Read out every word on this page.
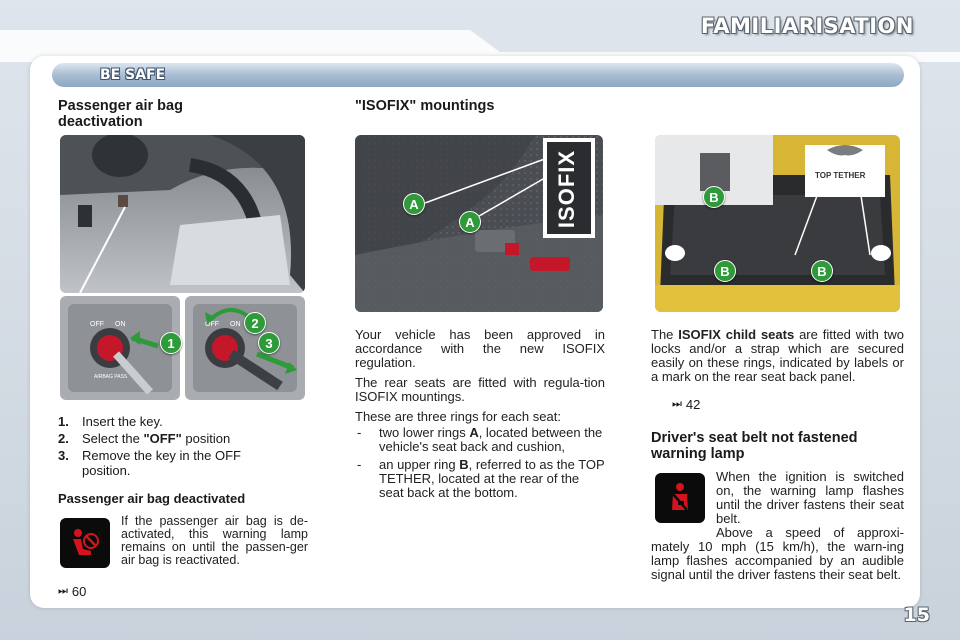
FAMILIARISATION
BE SAFE
Passenger air bag deactivation
OFF ON
AIRBAG PASS
1
OFF ON 2
3
1.	Insert the key.
2.	Select the "OFF" position
3.	Remove the key in the OFF position.
Passenger air bag deactivated
If the passenger air bag is de-activated, this warning lamp remains on until the passen-ger air bag is reactivated.
⏭ 60
"ISOFIX" mountings
ISOFIX
A
A

Your vehicle has been approved in accordance with the new ISOFIX regulation.

The rear seats are fitted with regula-tion ISOFIX mountings.

These are three rings for each seat:

-	two lower rings A, located between the vehicle's seat back and cushion,
-	an upper ring B, referred to as the TOP TETHER, located at the rear of the seat back at the bottom.
TOP TETHER
B
B	B
The ISOFIX child seats are fitted with two locks and/or a strap which are secured easily on these rings, indicated by labels or a mark on the rear seat back panel.
⏭ 42
Driver's seat belt not fastened warning lamp
When the ignition is switched on, the warning lamp flashes until the driver fastens their seat belt.
Above a speed of approxi-mately 10 mph (15 km/h), the warn-ing lamp flashes accompanied by an audible signal until the driver fastens their seat belt.
15
